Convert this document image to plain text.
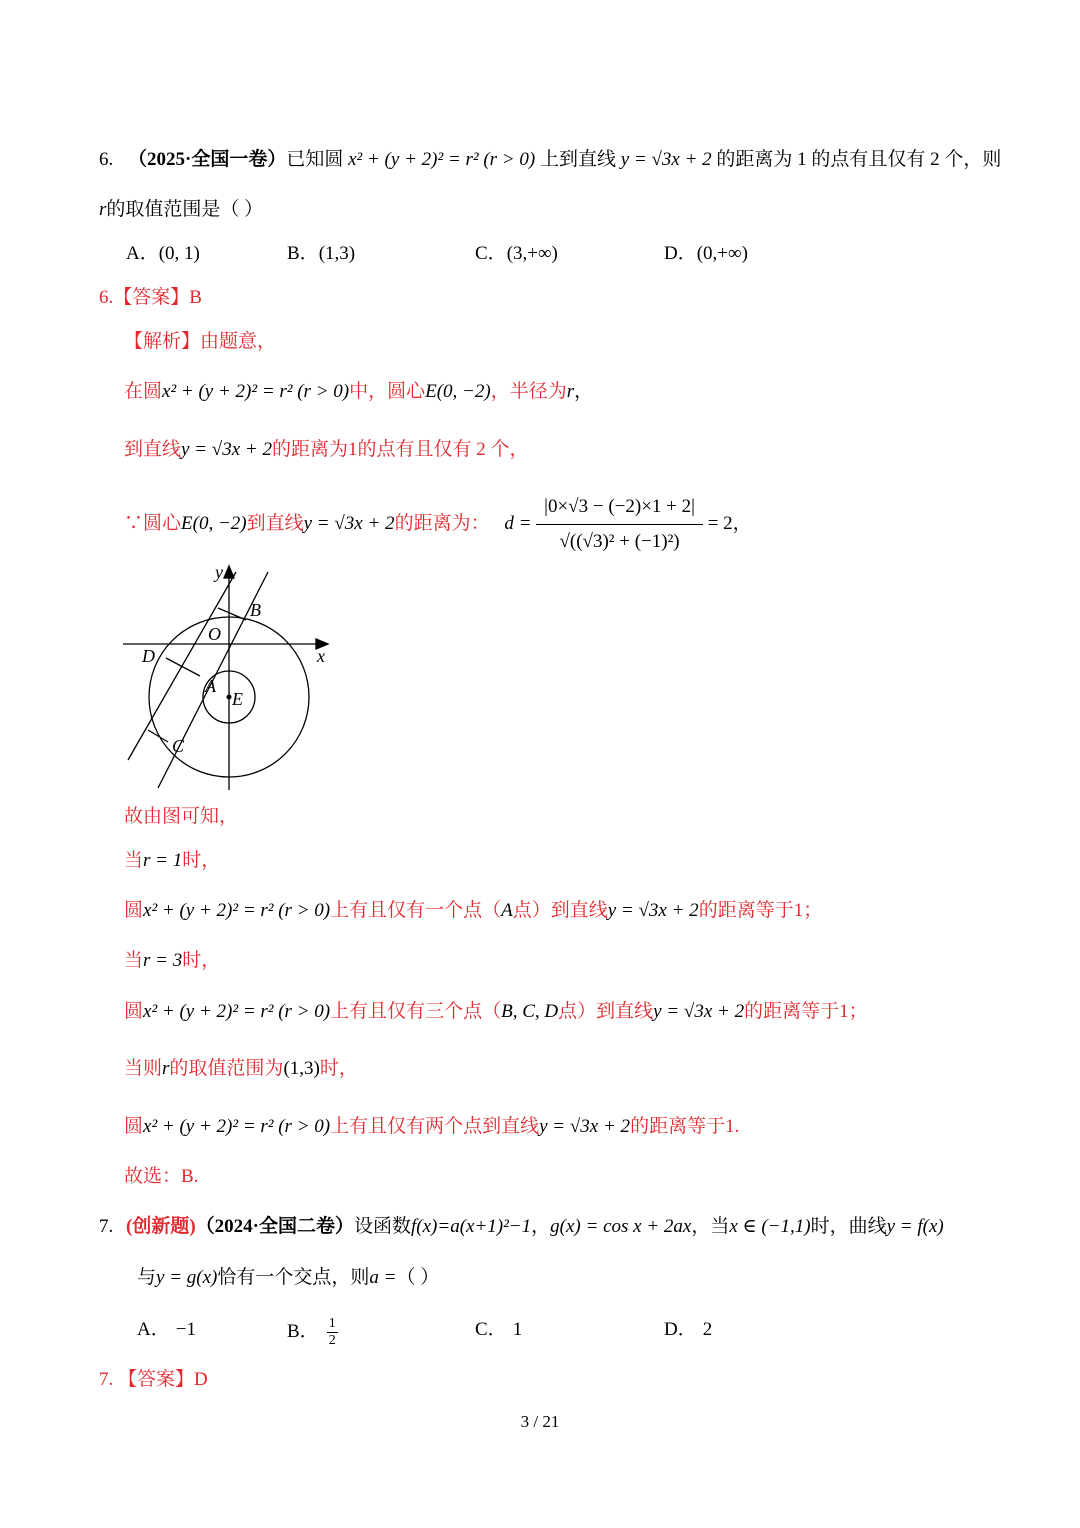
6. （2025·全国一卷）已知圆 x² + (y + 2)² = r² (r > 0) 上到直线 y = √3x + 2 的距离为 1 的点有且仅有 2 个，则
r的取值范围是（ ）
A．(0, 1)	B．(1,3)	C．(3,+∞)	D．(0,+∞)
6.【答案】B
【解析】由题意，
在圆x² + (y + 2)² = r² (r > 0)中，圆心E(0, −2)，半径为r，
到直线y = √3x + 2的距离为1的点有且仅有 2 个，
∵圆心E(0, −2)到直线y = √3x + 2的距离为： $d = \frac{|0\times√3 - (-2)\times 1 + 2|}{\text{√((√3)² + (−1)²)}} = 2$，
y
x
O
B
D
A
E
C
故由图可知，
当r = 1时，
圆x² + (y + 2)² = r² (r > 0)上有且仅有一个点（A点）到直线y = √3x + 2的距离等于1；
当r = 3时，
圆x² + (y + 2)² = r² (r > 0)上有且仅有三个点（B, C, D点）到直线y = √3x + 2的距离等于1；
当则r的取值范围为(1,3)时，
圆x² + (y + 2)² = r² (r > 0)上有且仅有两个点到直线y = √3x + 2的距离等于1.
故选：B.
7. (创新题)（2024·全国二卷）设函数f(x)=a(x+1)²−1，g(x) = cos x + 2ax，当x ∈ (−1,1)时，曲线y = f(x)
与y = g(x)恰有一个交点，则a =（ ）
A． −1	B． $\frac{1}{2}$	C． 1	D． 2
7. 【答案】D
3 / 21
